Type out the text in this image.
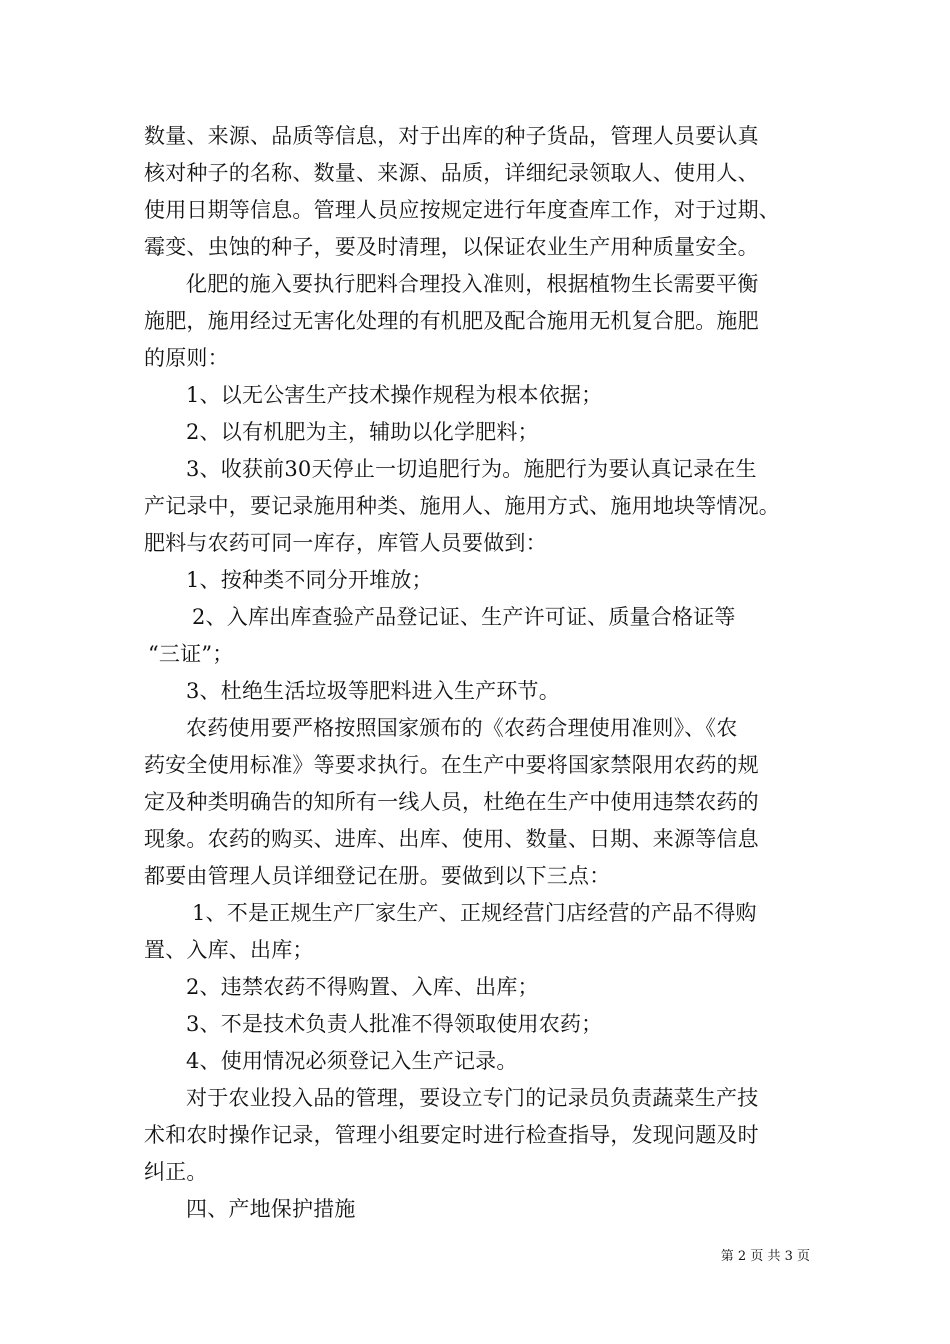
数量、来源、品质等信息，对于出库的种子货品，管理人员要认真
核对种子的名称、数量、来源、品质，详细纪录领取人、使用人、
使用日期等信息。管理人员应按规定进行年度查库工作，对于过期、
霉变、虫蚀的种子，要及时清理，以保证农业生产用种质量安全。
化肥的施入要执行肥料合理投入准则，根据植物生长需要平衡
施肥，施用经过无害化处理的有机肥及配合施用无机复合肥。施肥
的原则：
1、以无公害生产技术操作规程为根本依据；
2、以有机肥为主，辅助以化学肥料；
3、收获前30天停止一切追肥行为。施肥行为要认真记录在生
产记录中，要记录施用种类、施用人、施用方式、施用地块等情况。
肥料与农药可同一库存，库管人员要做到：
1、按种类不同分开堆放；
2、入库出库查验产品登记证、生产许可证、质量合格证等
“三证”；
3、杜绝生活垃圾等肥料进入生产环节。
农药使用要严格按照国家颁布的《农药合理使用准则》、《农
药安全使用标准》等要求执行。在生产中要将国家禁限用农药的规
定及种类明确告的知所有一线人员，杜绝在生产中使用违禁农药的
现象。农药的购买、进库、出库、使用、数量、日期、来源等信息
都要由管理人员详细登记在册。要做到以下三点：
1、不是正规生产厂家生产、正规经营门店经营的产品不得购
置、入库、出库；
2、违禁农药不得购置、入库、出库；
3、不是技术负责人批准不得领取使用农药；
4、使用情况必须登记入生产记录。
对于农业投入品的管理，要设立专门的记录员负责蔬菜生产技
术和农时操作记录，管理小组要定时进行检查指导，发现问题及时
纠正。
四、产地保护措施
第 2 页 共 3 页
